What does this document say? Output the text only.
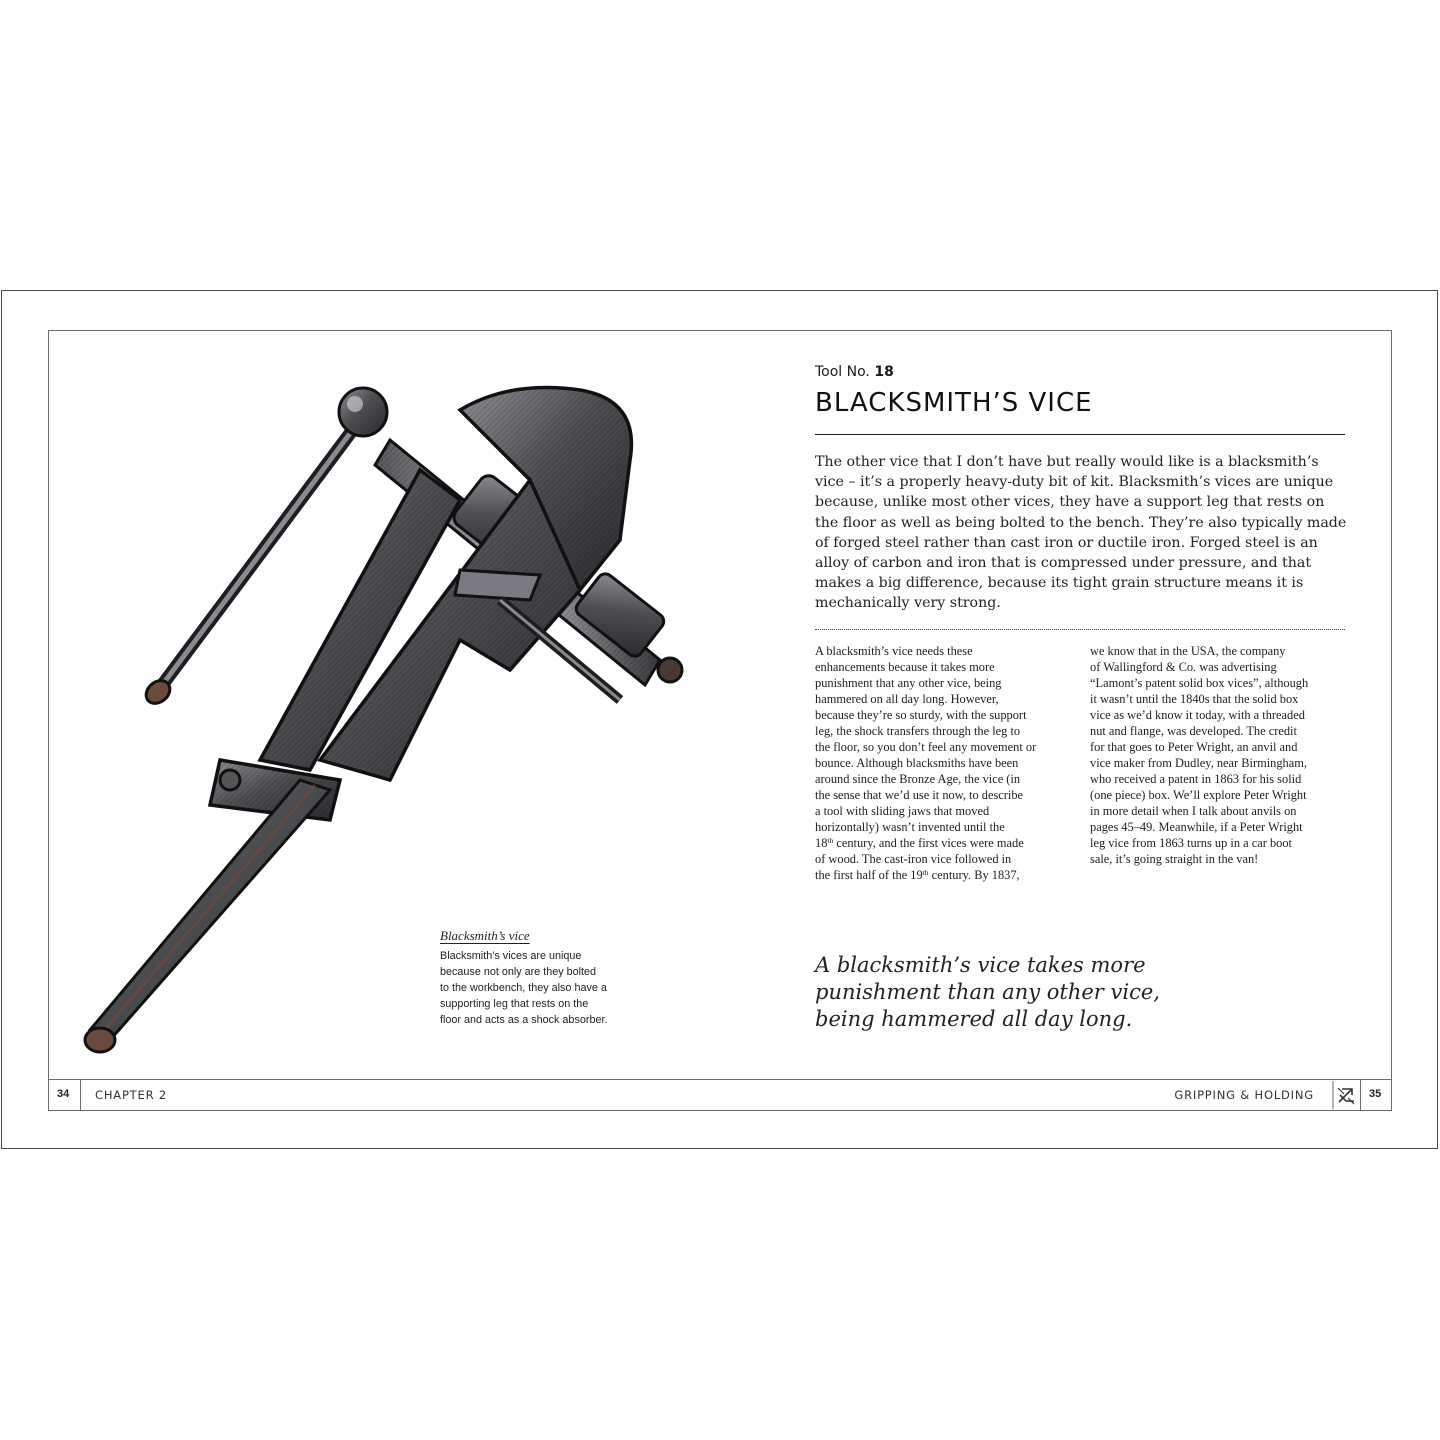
Blacksmith’s vice

Blacksmith’s vices are unique
because not only are they bolted
to the workbench, they also have a
supporting leg that rests on the
floor and acts as a shock absorber.

Tool No. 18
BLACKSMITH’S VICE

The other vice that I don’t have but really would like is a blacksmith’s
vice – it’s a properly heavy-duty bit of kit. Blacksmith’s vices are unique
because, unlike most other vices, they have a support leg that rests on
the floor as well as being bolted to the bench. They’re also typically made
of forged steel rather than cast iron or ductile iron. Forged steel is an
alloy of carbon and iron that is compressed under pressure, and that
makes a big difference, because its tight grain structure means it is
mechanically very strong.

A blacksmith’s vice needs these
enhancements because it takes more
punishment that any other vice, being
hammered on all day long. However,
because they’re so sturdy, with the support
leg, the shock transfers through the leg to
the floor, so you don’t feel any movement or
bounce. Although blacksmiths have been
around since the Bronze Age, the vice (in
the sense that we’d use it now, to describe
a tool with sliding jaws that moved
horizontally) wasn’t invented until the
18th century, and the first vices were made
of wood. The cast-iron vice followed in
the first half of the 19th century. By 1837,

we know that in the USA, the company
of Wallingford & Co. was advertising
“Lamont’s patent solid box vices”, although
it wasn’t until the 1840s that the solid box
vice as we’d know it today, with a threaded
nut and flange, was developed. The credit
for that goes to Peter Wright, an anvil and
vice maker from Dudley, near Birmingham,
who received a patent in 1863 for his solid
(one piece) box. We’ll explore Peter Wright
in more detail when I talk about anvils on
pages 45–49. Meanwhile, if a Peter Wright
leg vice from 1863 turns up in a car boot
sale, it’s going straight in the van!

A blacksmith’s vice takes more
punishment than any other vice,
being hammered all day long.

34 CHAPTER 2	GRIPPING & HOLDING	35
